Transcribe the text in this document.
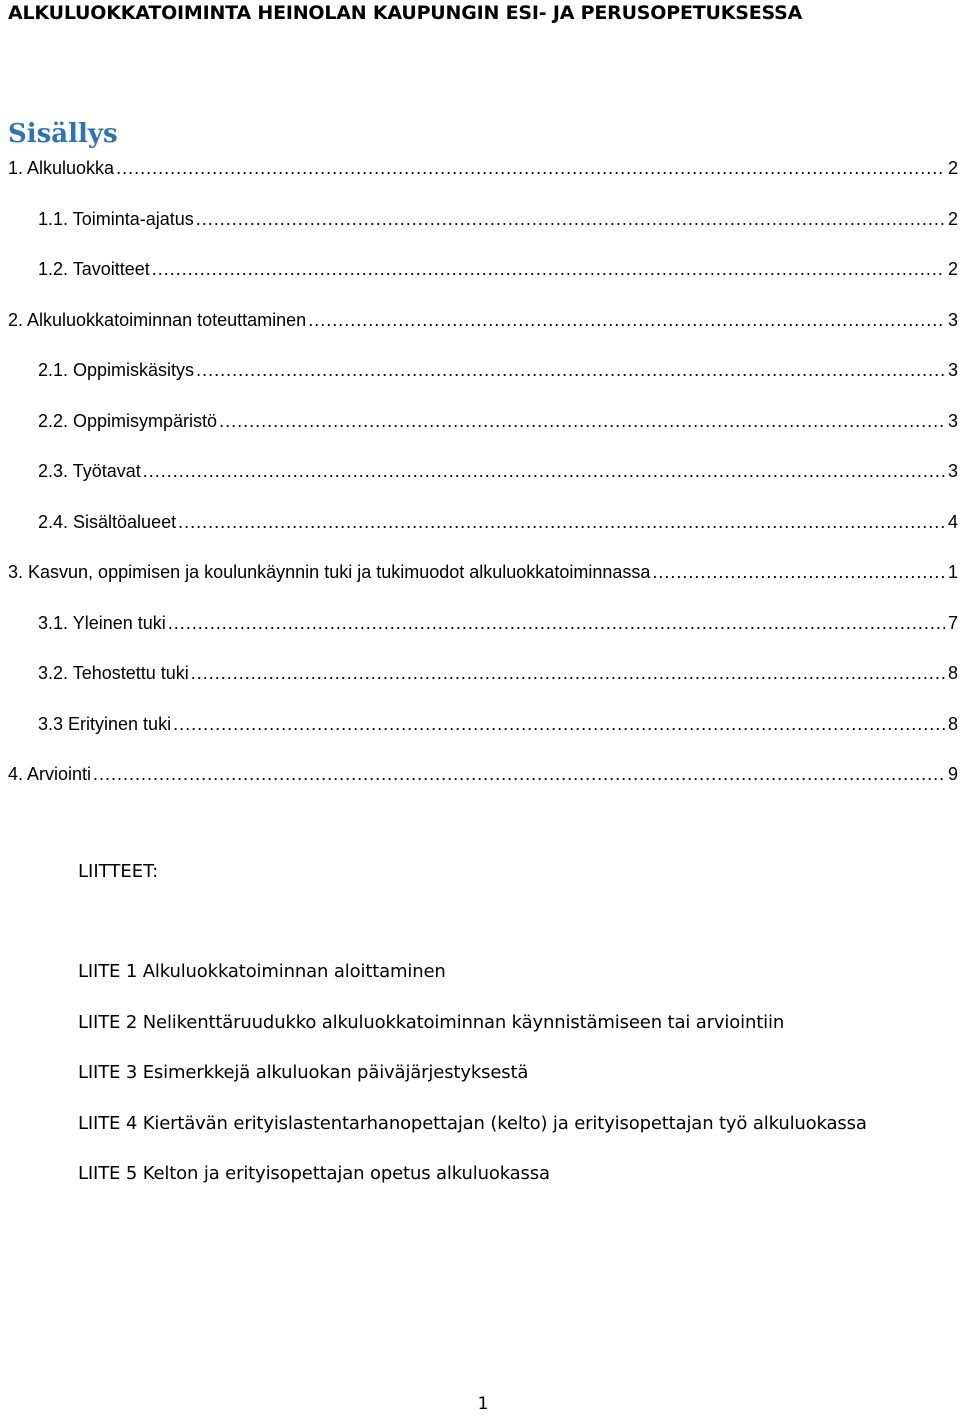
ALKULUOKKATOIMINTA HEINOLAN KAUPUNGIN ESI- JA PERUSOPETUKSESSA
Sisällys
1. Alkuluokka .....	2
1.1. Toiminta-ajatus .....	2
1.2. Tavoitteet .....	2
2. Alkuluokkatoiminnan toteuttaminen .....	3
2.1. Oppimiskäsitys .....	3
2.2. Oppimisympäristö .....	3
2.3. Työtavat .....	3
2.4. Sisältöalueet .....	4
3. Kasvun, oppimisen ja koulunkäynnin tuki ja tukimuodot alkuluokkatoiminnassa .....	1
3.1. Yleinen tuki .....	7
3.2. Tehostettu tuki .....	8
3.3 Erityinen tuki .....	8
4. Arviointi .....	9
LIITTEET:
LIITE 1 Alkuluokkatoiminnan aloittaminen
LIITE 2 Nelikenttäruudukko alkuluokkatoiminnan käynnistämiseen tai arviointiin
LIITE 3 Esimerkkejä alkuluokan päiväjärjestyksestä
LIITE 4 Kiertävän erityislastentarhanopettajan (kelto) ja erityisopettajan työ alkuluokassa
LIITE 5 Kelton ja erityisopettajan opetus alkuluokassa
1
